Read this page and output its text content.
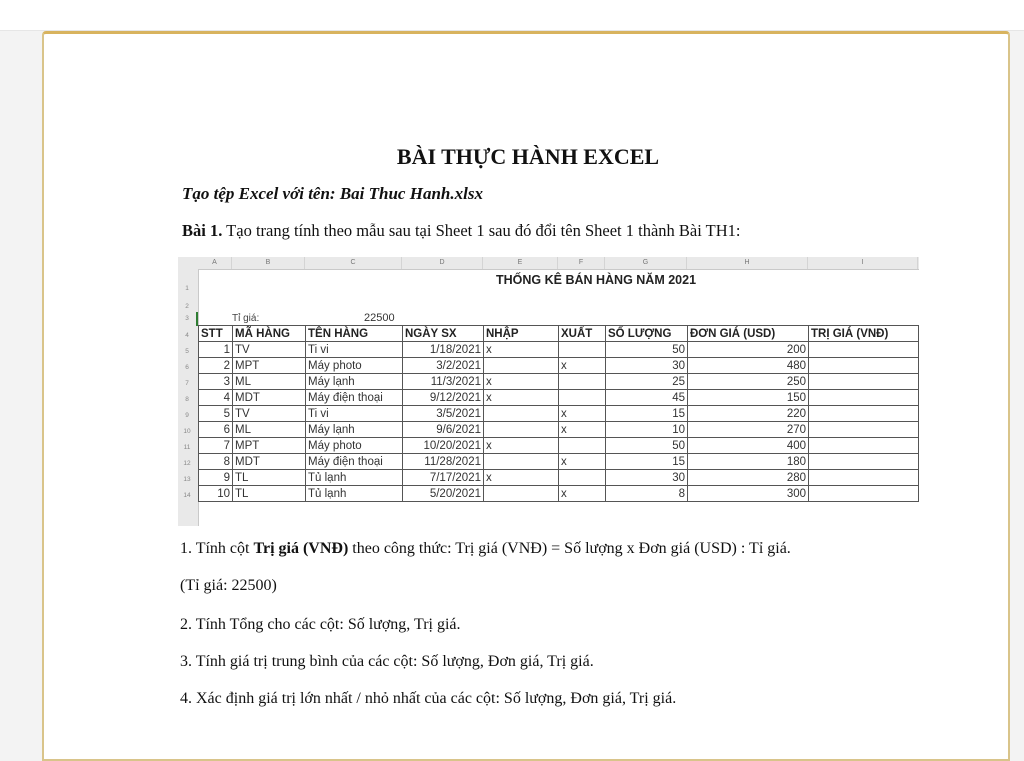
BÀI THỰC HÀNH EXCEL
Tạo tệp Excel với tên: Bai Thuc Hanh.xlsx
Bài 1. Tạo trang tính theo mẫu sau tại Sheet 1 sau đó đổi tên Sheet 1 thành Bài TH1:
A	B	C	D	E	F	G	H	I
1
2
3
4
5
6
7
8
9
10
11
12
13
14
THỐNG KÊ BÁN HÀNG NĂM 2021
Tỉ giá:	22500
STT	MÃ HÀNG	TÊN HÀNG	NGÀY SX	NHẬP	XUẤT	SỐ LƯỢNG	ĐƠN GIÁ (USD)	TRỊ GIÁ (VNĐ)
1	TV	Ti vi	1/18/2021	x		50	200	
2	MPT	Máy photo	3/2/2021		x	30	480	
3	ML	Máy lạnh	11/3/2021	x		25	250	
4	MDT	Máy điện thoại	9/12/2021	x		45	150	
5	TV	Ti vi	3/5/2021		x	15	220	
6	ML	Máy lạnh	9/6/2021		x	10	270	
7	MPT	Máy photo	10/20/2021	x		50	400	
8	MDT	Máy điện thoại	11/28/2021		x	15	180	
9	TL	Tủ lạnh	7/17/2021	x		30	280	
10	TL	Tủ lạnh	5/20/2021		x	8	300	
1. Tính cột Trị giá (VNĐ) theo công thức: Trị giá (VNĐ) = Số lượng x Đơn giá (USD) : Tỉ giá.
(Tỉ giá: 22500)
2. Tính Tổng cho các cột: Số lượng, Trị giá.
3. Tính giá trị trung bình của các cột: Số lượng, Đơn giá, Trị giá.
4. Xác định giá trị lớn nhất / nhỏ nhất của các cột: Số lượng, Đơn giá, Trị giá.
